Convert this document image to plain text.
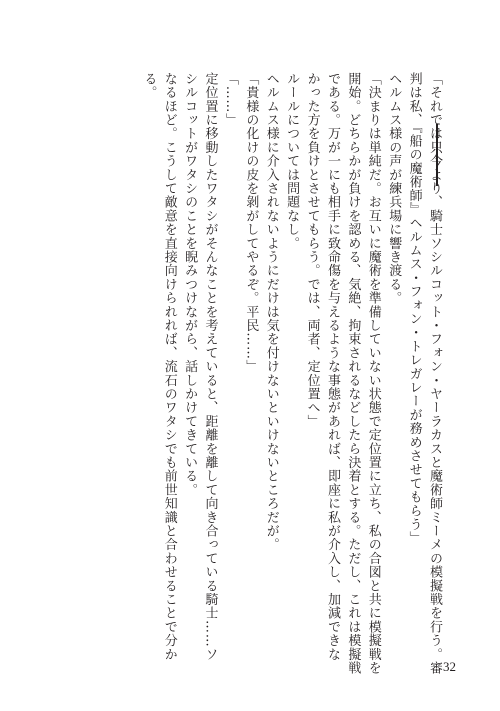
「それでは只今より、騎士ソシルコット・フォン・ヤーラカスと魔術師ミーメの模擬戦を行う。審
判は私、『船の魔術師』ヘルムス・フォン・トレガレーが務めさせてもらう」
ヘルムス様の声が練兵場に響き渡る。
「決まりは単純だ。お互いに魔術を準備していない状態で定位置に立ち、私の合図と共に模擬戦を
開始。どちらかが負けを認める、気絶、拘束されるなどしたら決着とする。ただし、これは模擬戦
である。万が一にも相手に致命傷を与えるような事態があれば、即座に私が介入し、加減できな
かった方を負けとさせてもらう。では、両者、定位置へ」
ルールについては問題なし。
ヘルムス様に介入されないようにだけは気を付けないといけないところだが。
「貴様の化けの皮を剝がしてやるぞ。平民……」
「……」
定位置に移動したワタシがそんなことを考えていると、距離を離して向き合っている騎士……ソ
シルコットがワタシのことを睨みつけながら、話しかけてきている。
なるほど。こうして敵意を直接向けられれば、流石のワタシでも前世知識と合わせることで分か
る。
32
